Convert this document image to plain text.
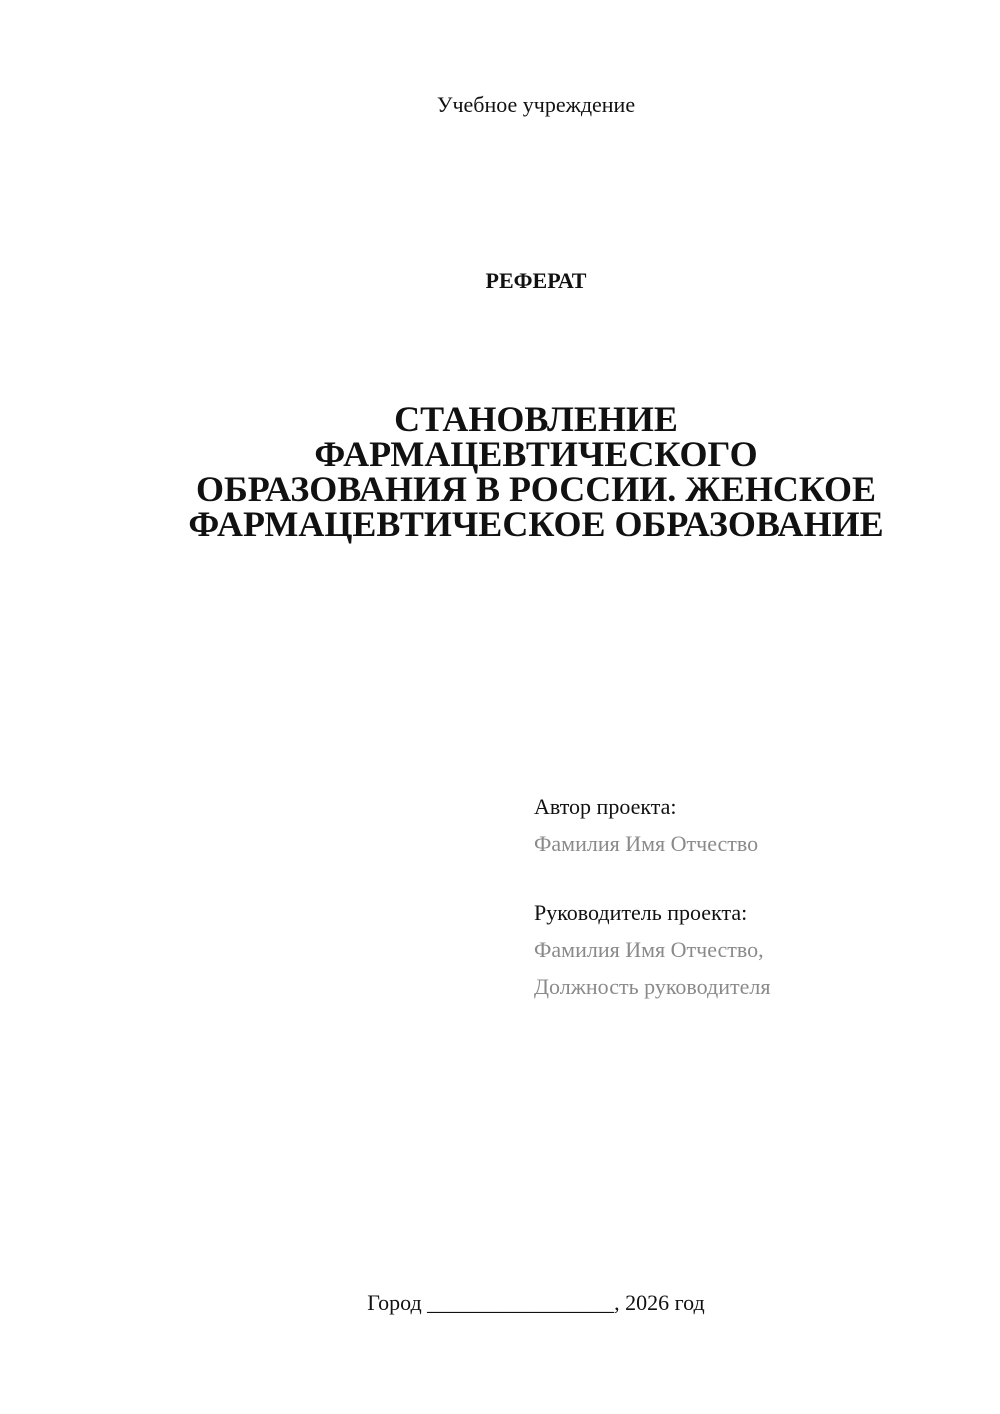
Учебное учреждение
РЕФЕРАТ
СТАНОВЛЕНИЕ
ФАРМАЦЕВТИЧЕСКОГО
ОБРАЗОВАНИЯ В РОССИИ. ЖЕНСКОЕ
ФАРМАЦЕВТИЧЕСКОЕ ОБРАЗОВАНИЕ
Автор проекта:
Фамилия Имя Отчество
Руководитель проекта:
Фамилия Имя Отчество,
Должность руководителя
Город _________________, 2026 год
